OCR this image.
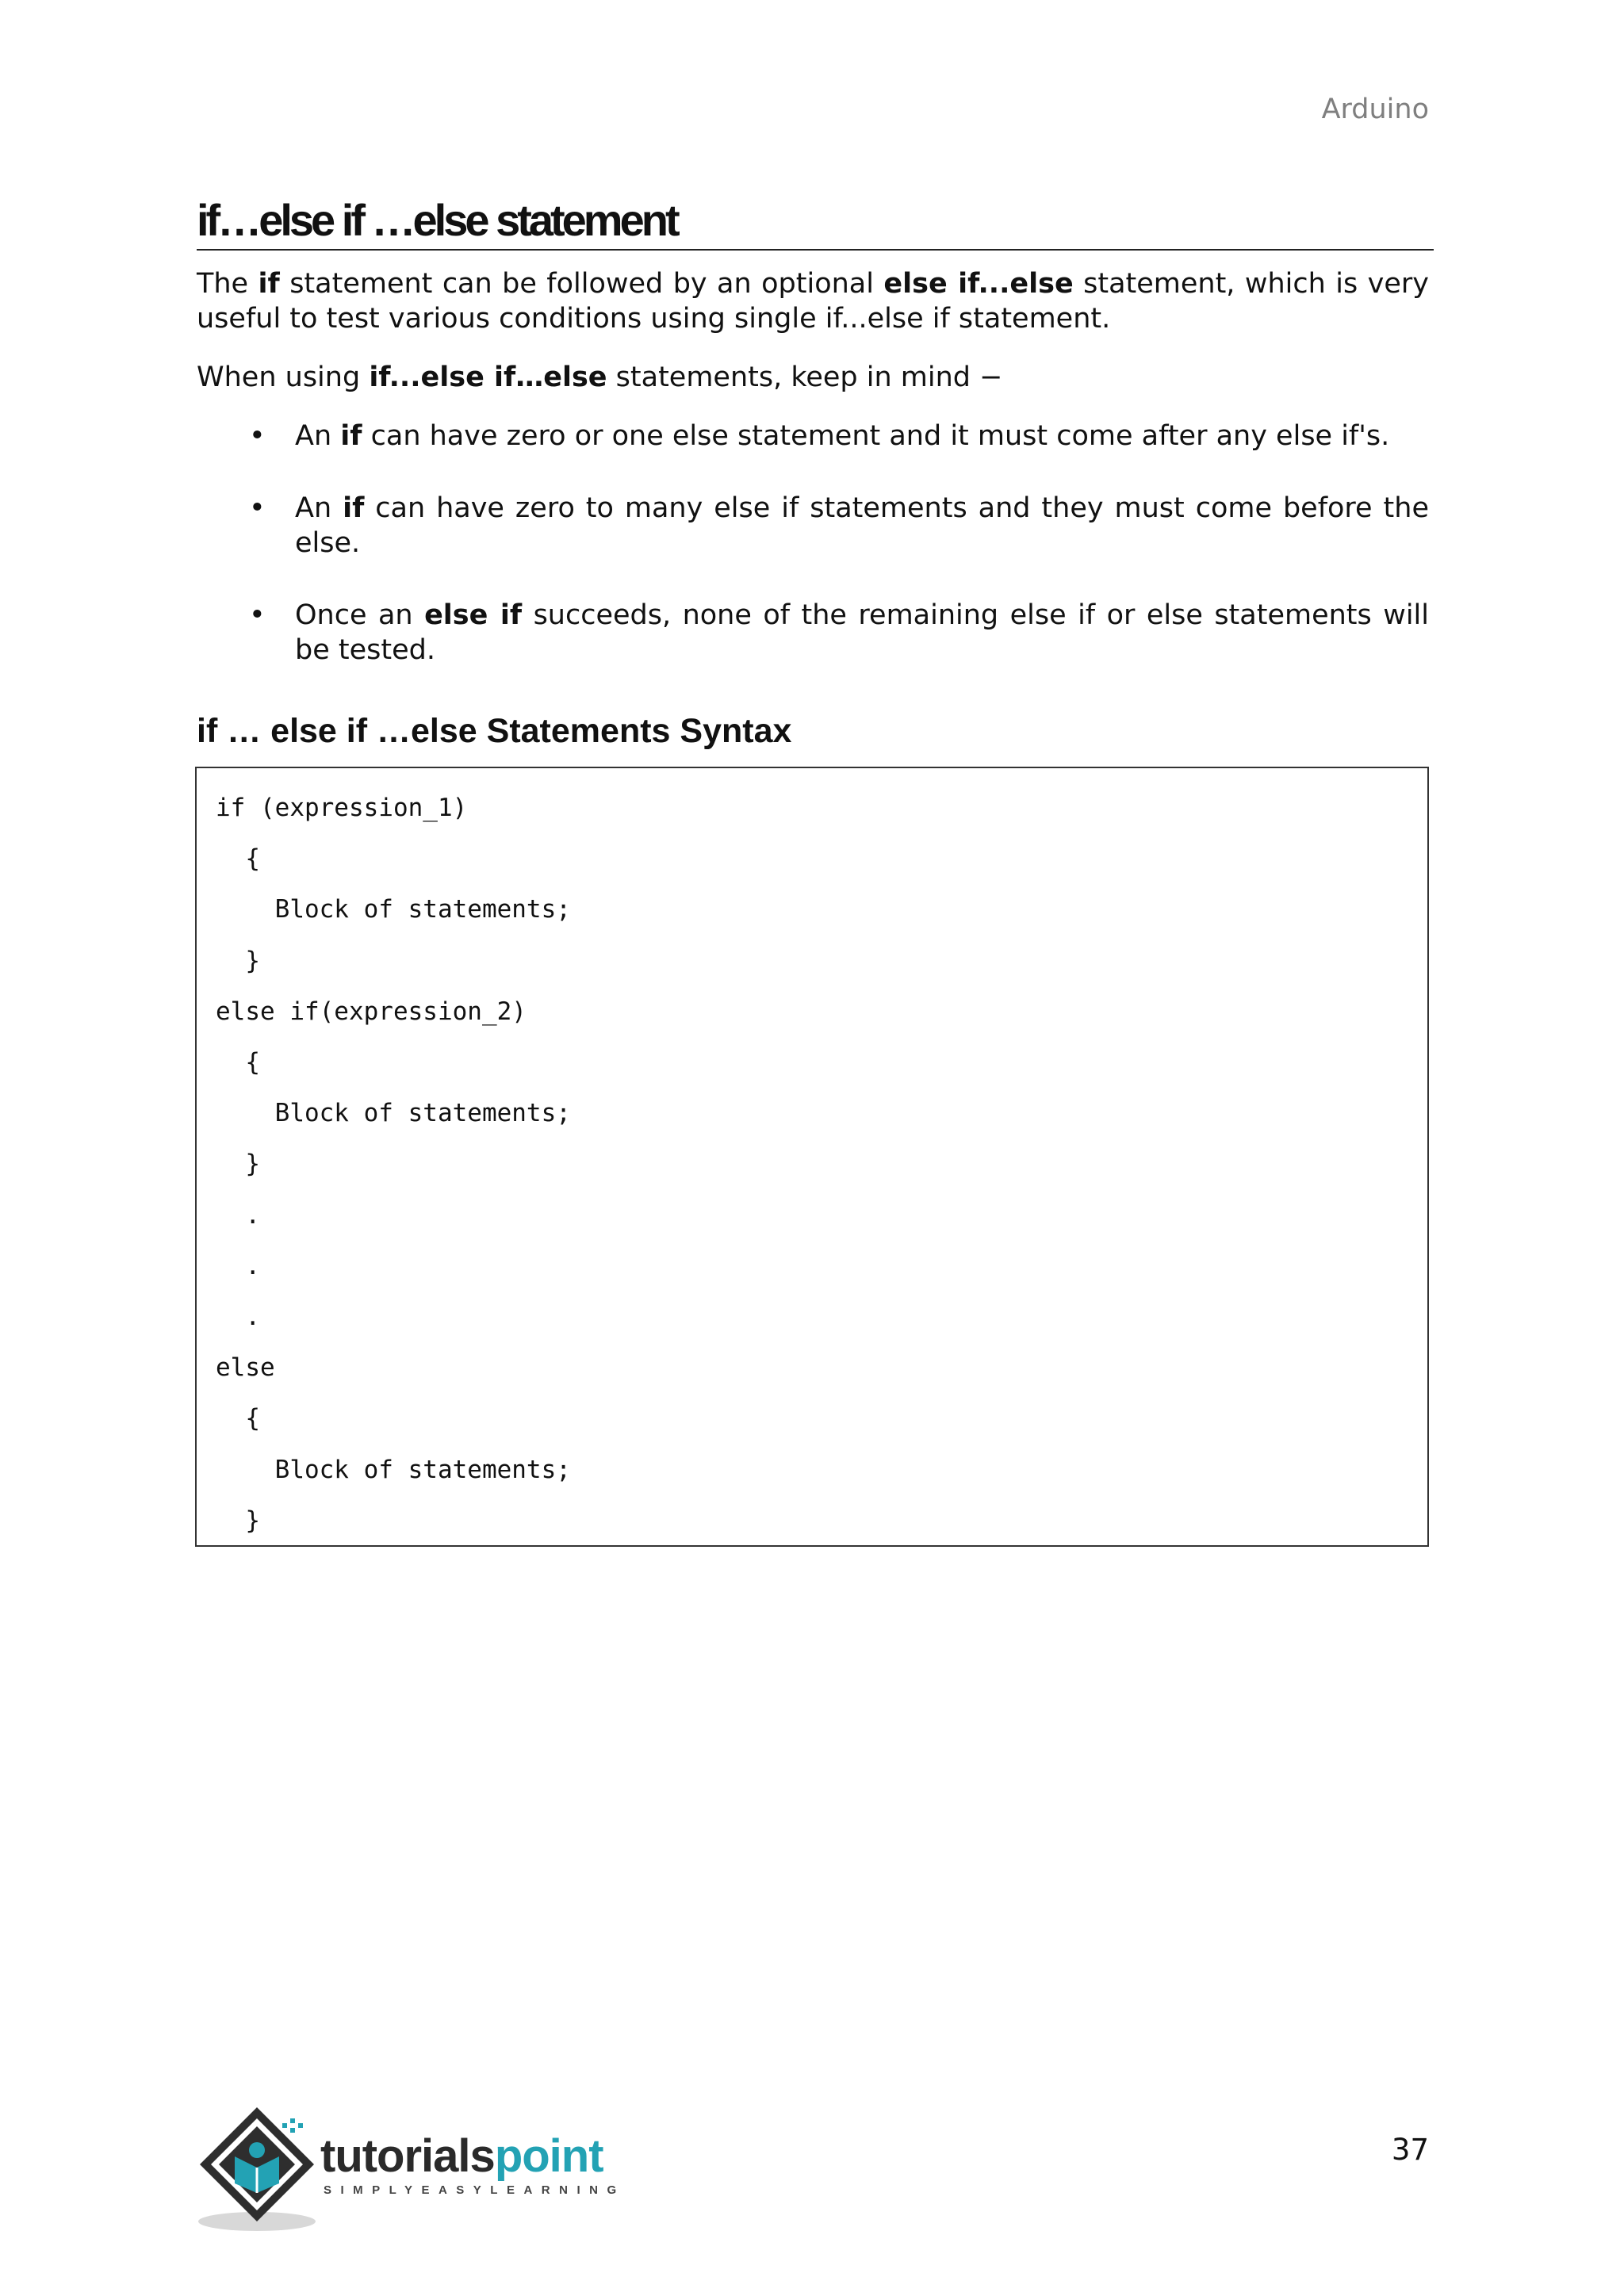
Arduino
if…else if …else statement

The if statement can be followed by an optional else if...else statement, which is very useful to test various conditions using single if...else if statement.

When using if...else if…else statements, keep in mind −

• An if can have zero or one else statement and it must come after any else if's.
• An if can have zero to many else if statements and they must come before the else.
• Once an else if succeeds, none of the remaining else if or else statements will be tested.
if … else if …else Statements Syntax
if (expression_1)
{
Block of statements;
}
else if(expression_2)
{
Block of statements;
}
.
.
.
else
{
Block of statements;
}
tutorialspoint
SIMPLYEASYLEARNING
37
